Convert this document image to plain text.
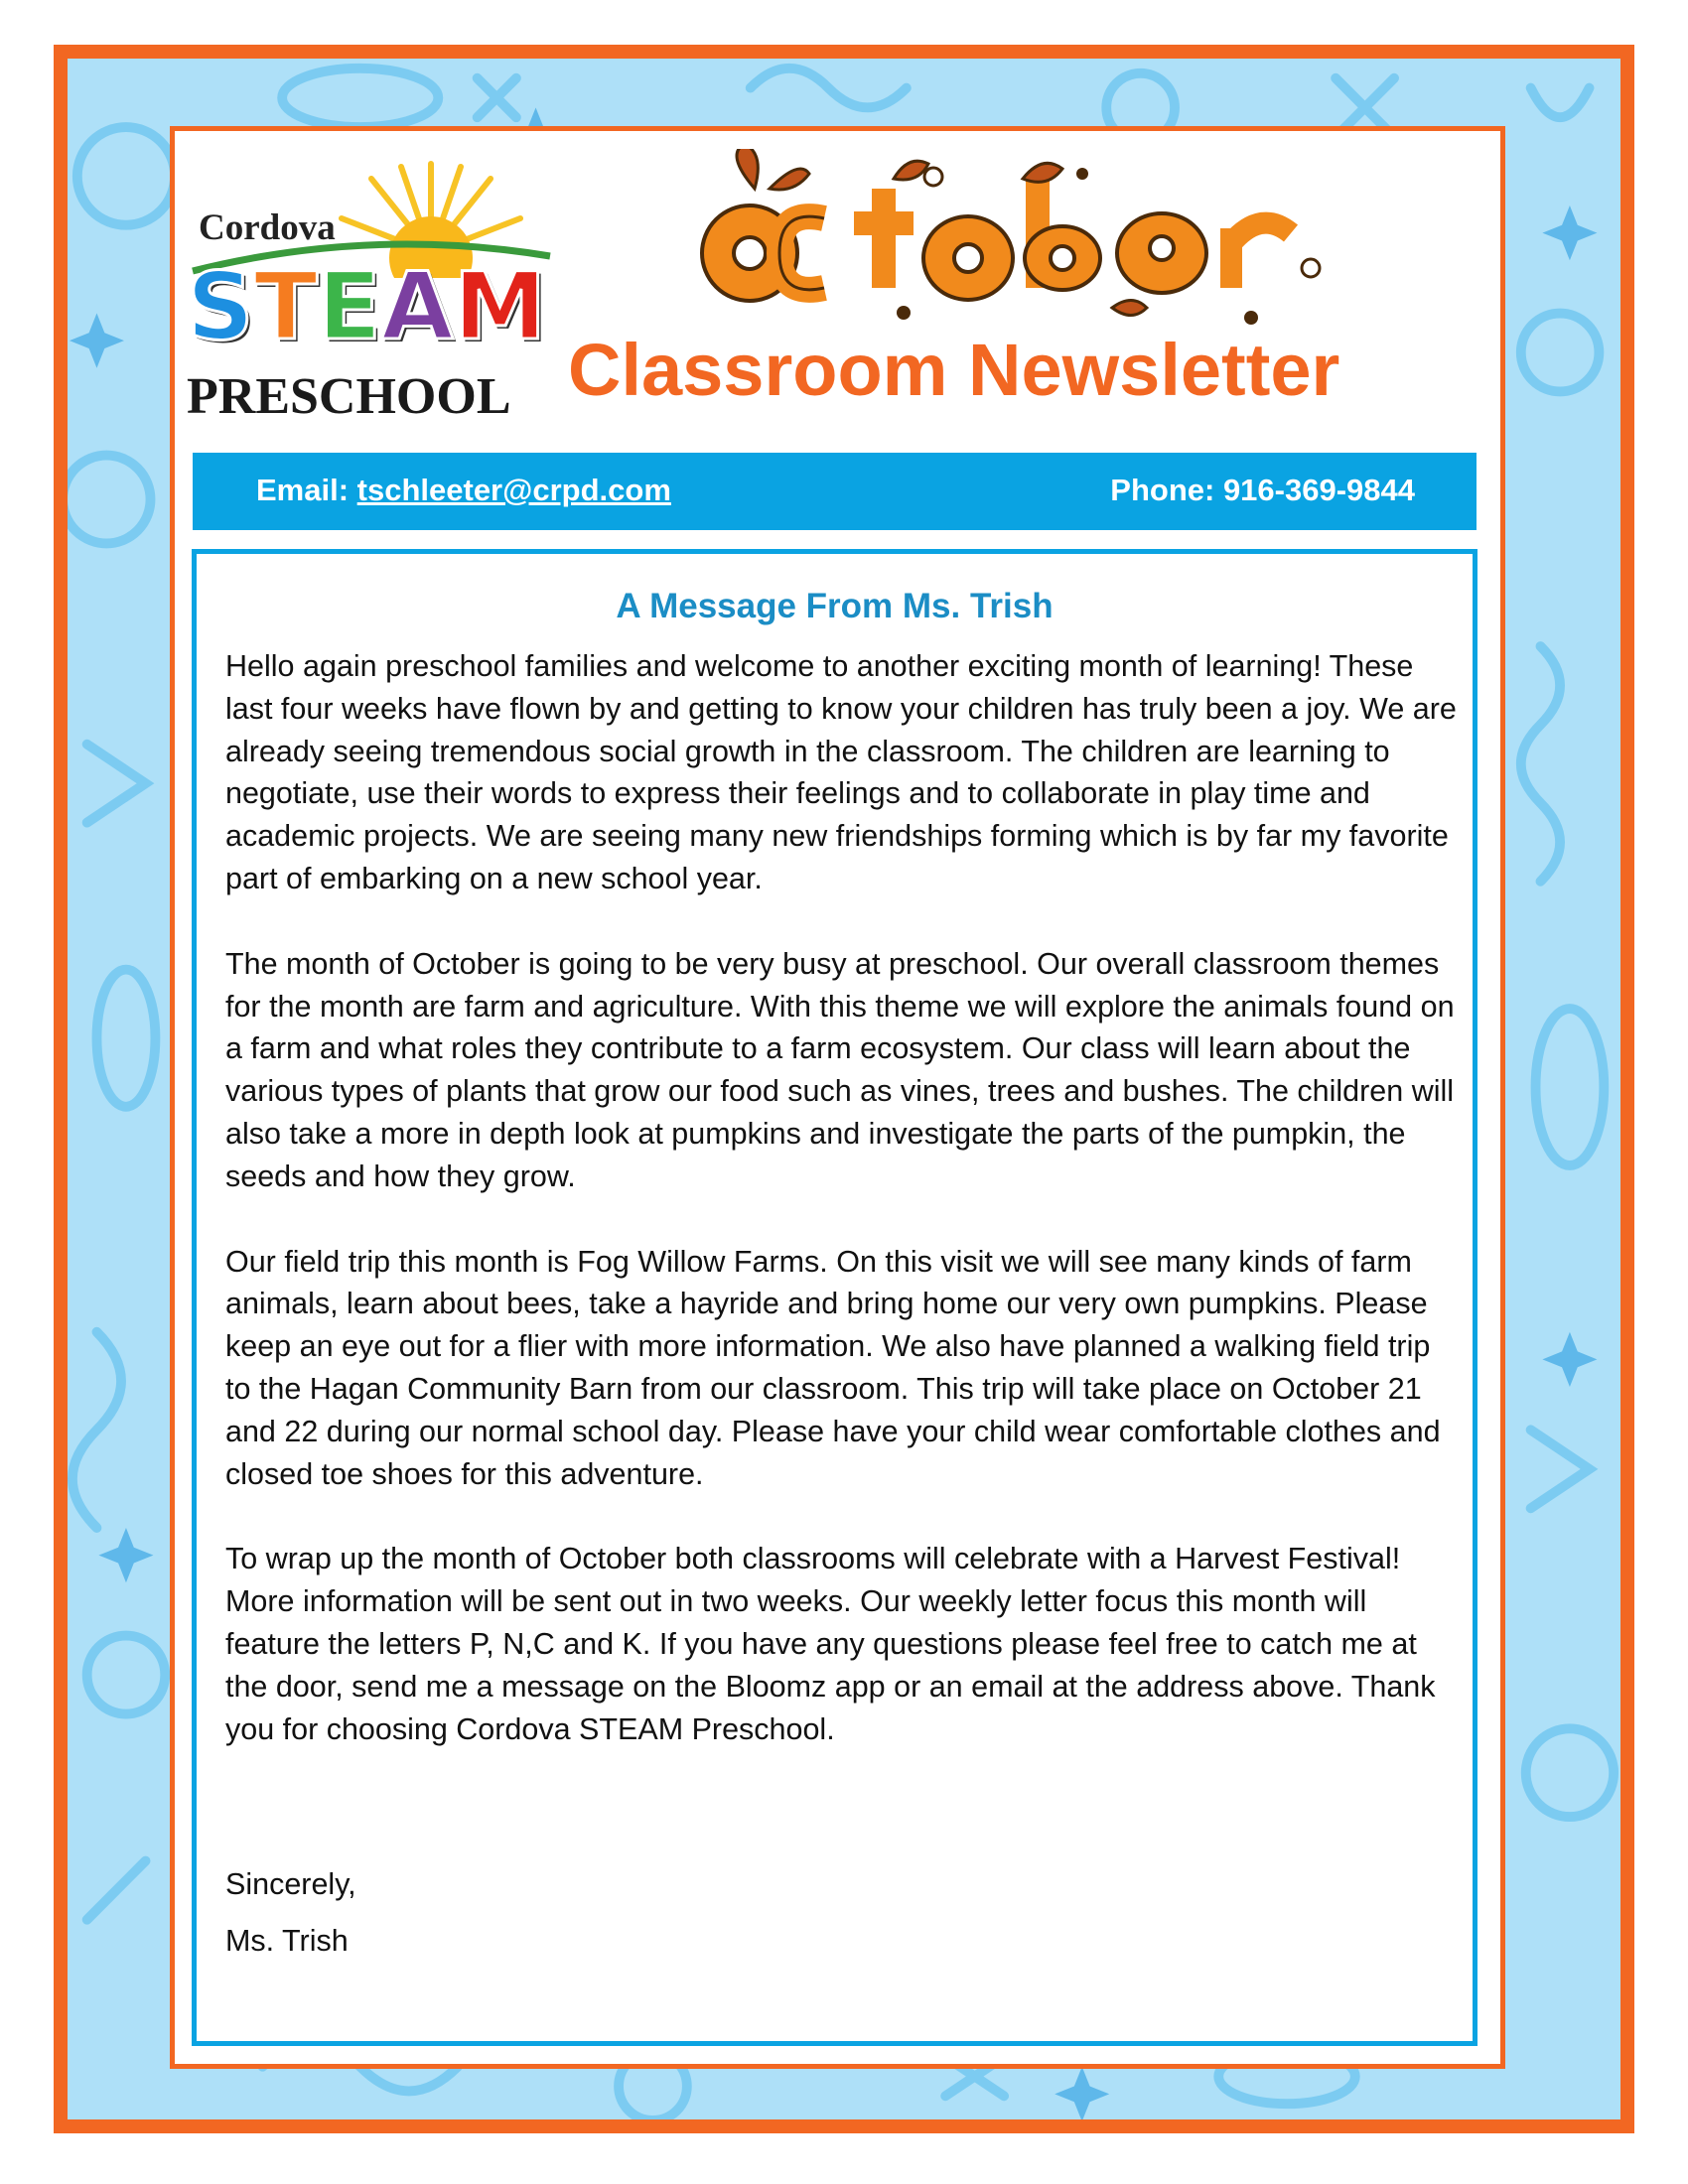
Cordova
S T E A M
PRESCHOOL Classroom Newsletter
Email: tschleeter@crpd.com	Phone: 916-369-9844
A Message From Ms. Trish

Hello again preschool families and welcome to another exciting month of learning! These last four weeks have flown by and getting to know your children has truly been a joy. We are already seeing tremendous social growth in the classroom. The children are learning to negotiate, use their words to express their feelings and to collaborate in play time and academic projects. We are seeing many new friendships forming which is by far my favorite part of embarking on a new school year.

The month of October is going to be very busy at preschool. Our overall classroom themes for the month are farm and agriculture. With this theme we will explore the animals found on a farm and what roles they contribute to a farm ecosystem. Our class will learn about the various types of plants that grow our food such as vines, trees and bushes. The children will also take a more in depth look at pumpkins and investigate the parts of the pumpkin, the seeds and how they grow.

Our field trip this month is Fog Willow Farms. On this visit we will see many kinds of farm animals, learn about bees, take a hayride and bring home our very own pumpkins. Please keep an eye out for a flier with more information. We also have planned a walking field trip to the Hagan Community Barn from our classroom. This trip will take place on October 21 and 22 during our normal school day. Please have your child wear comfortable clothes and closed toe shoes for this adventure.

To wrap up the month of October both classrooms will celebrate with a Harvest Festival! More information will be sent out in two weeks. Our weekly letter focus this month will feature the letters P, N,C and K. If you have any questions please feel free to catch me at the door, send me a message on the Bloomz app or an email at the address above. Thank you for choosing Cordova STEAM Preschool.

Sincerely,
Ms. Trish
